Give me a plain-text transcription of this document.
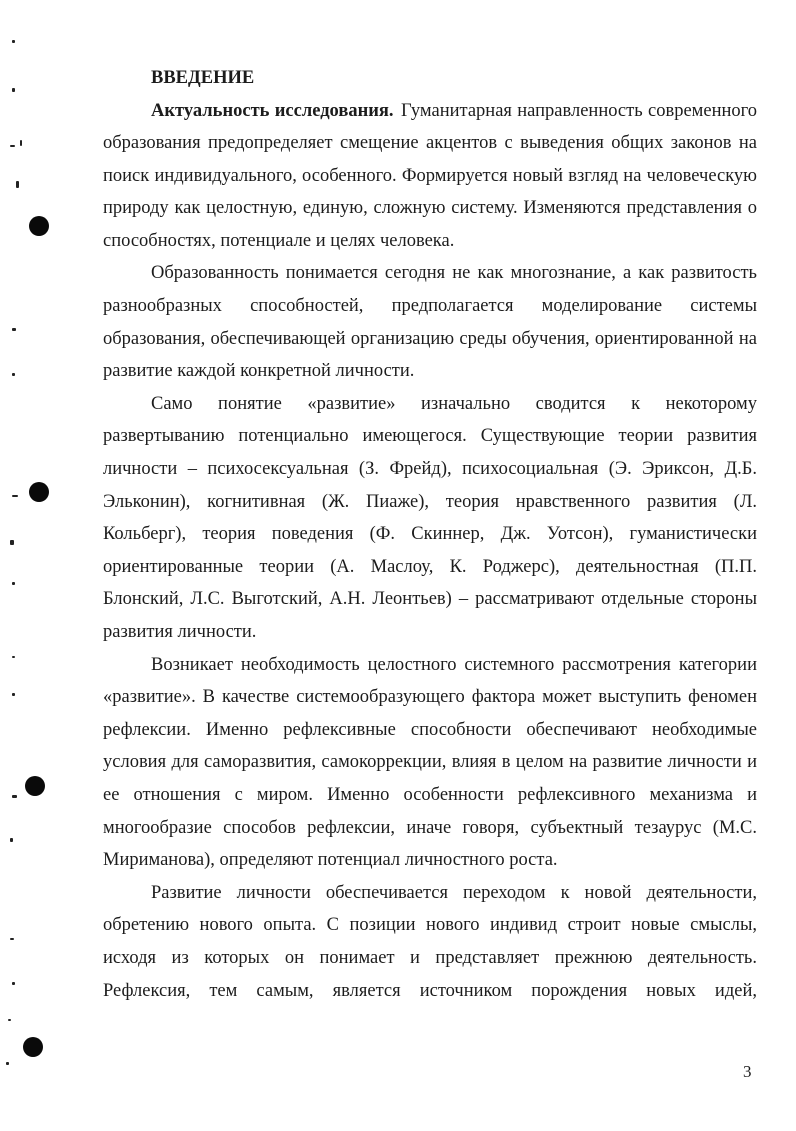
ВВЕДЕНИЕ

Актуальность исследования. Гуманитарная направленность современного образования предопределяет смещение акцентов с выведения общих законов на поиск индивидуального, особенного. Формируется новый взгляд на человеческую природу как целостную, единую, сложную систему. Изменяются представления о способностях, потенциале и целях человека.

Образованность понимается сегодня не как многознание, а как развитость разнообразных способностей, предполагается моделирование системы образования, обеспечивающей организацию среды обучения, ориентированной на развитие каждой конкретной личности.

Само понятие «развитие» изначально сводится к некоторому развертыванию потенциально имеющегося. Существующие теории развития личности – психосексуальная (З. Фрейд), психосоциальная (Э. Эриксон, Д.Б. Эльконин), когнитивная (Ж. Пиаже), теория нравственного развития (Л. Кольберг), теория поведения (Ф. Скиннер, Дж. Уотсон), гуманистически ориентированные теории (А. Маслоу, К. Роджерс), деятельностная (П.П. Блонский, Л.С. Выготский, А.Н. Леонтьев) – рассматривают отдельные стороны развития личности.

Возникает необходимость целостного системного рассмотрения категории «развитие». В качестве системообразующего фактора может выступить феномен рефлексии. Именно рефлексивные способности обеспечивают необходимые условия для саморазвития, самокоррекции, влияя в целом на развитие личности и ее отношения с миром. Именно особенности рефлексивного механизма и многообразие способов рефлексии, иначе говоря, субъектный тезаурус (М.С. Мириманова), определяют потенциал личностного роста.

Развитие личности обеспечивается переходом к новой деятельности, обретению нового опыта. С позиции нового индивид строит новые смыслы, исходя из которых он понимает и представляет прежнюю деятельность. Рефлексия, тем самым, является источником порождения новых идей,

3
